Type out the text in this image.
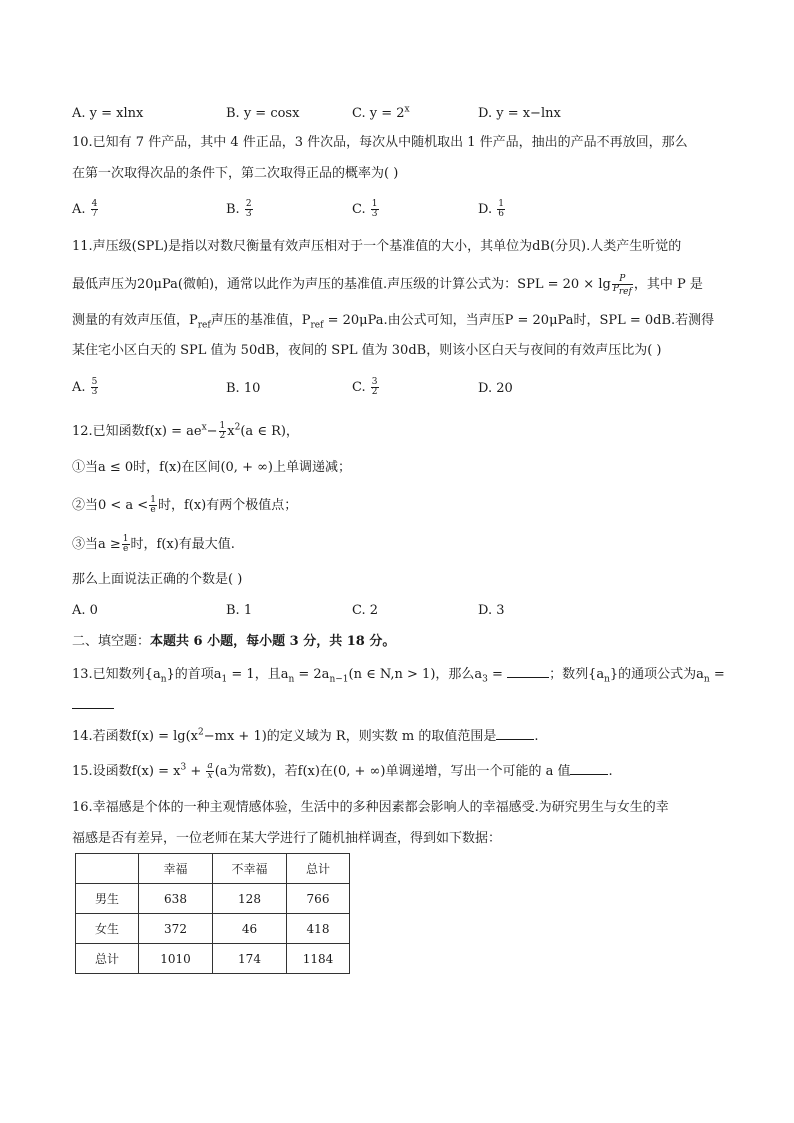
A. y = xlnx	B. y = cosx	C. $y = 2^x$	D. y = x−lnx
10.已知有 7 件产品，其中 4 件正品，3 件次品，每次从中随机取出 1 件产品，抽出的产品不再放回，那么
在第一次取得次品的条件下，第二次取得正品的概率为( )
A. $\frac{4}{7}$	B. $\frac{2}{3}$	C. $\frac{1}{3}$	D. $\frac{1}{6}$
11.声压级(SPL)是指以对数尺衡量有效声压相对于一个基准值的大小，其单位为dB(分贝).人类产生听觉的
最低声压为20μPa(微帕)，通常以此作为声压的基准值.声压级的计算公式为：SPL = $20 \times \lg \frac{P}{P_{ref}}$ ，其中 P 是
测量的有效声压值，$P_{ref}$声压的基准值，$P_{ref} = 20\mu Pa$.由公式可知，当声压P = 20μPa时，SPL = 0dB.若测得
某住宅小区白天的 SPL 值为 50dB，夜间的 SPL 值为 30dB，则该小区白天与夜间的有效声压比为( )
A. $\frac{5}{3}$	B. 10	C. $\frac{3}{2}$	D. 20
12.已知函数$f(x) = ae^x- \frac{1}{2} x^2(a$ ∈ R)，
①当a ≤ 0时，f(x)在区间(0, + ∞)上单调递减；
②当$0 < a < \frac{1}{e}$ 时，f(x)有两个极值点；
③当$a \ge \frac{1}{e}$ 时，f(x)有最大值.
那么上面说法正确的个数是( )
A. 0	B. 1	C. 2	D. 3
二、填空题：本题共 6 小题，每小题 3 分，共 18 分。
13.已知数列$\{a_n\}$的首项$a_1 = 1$，且$a_n = 2a_{n-1}(n$ ∈ N,n > 1)，那么$a_3$ =	；数列$\{a_n\}$的通项公式为$a_n$ =
14.若函数$f(x) = \lg(x^2-mx + 1)$的定义域为 R，则实数 m 的取值范围是	.
15.设函数$f(x) = x^3 + \frac{a}{x} (a$为常数)，若f(x)在(0, + ∞)单调递增，写出一个可能的 a 值	.
16.幸福感是个体的一种主观情感体验，生活中的多种因素都会影响人的幸福感受.为研究男生与女生的幸
福感是否有差异，一位老师在某大学进行了随机抽样调查，得到如下数据：
	幸福	不幸福	总计
男生	638	128	766
女生	372	46	418
总计	1010	174	1184
